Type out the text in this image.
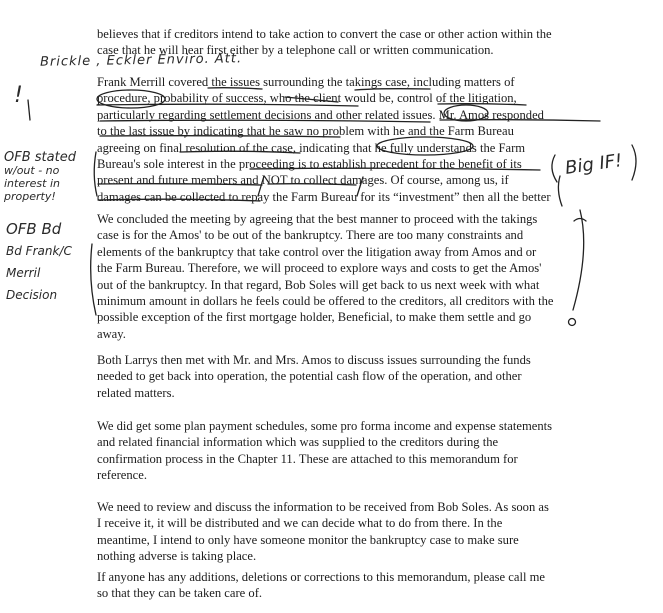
believes that if creditors intend to take action to convert the case or other action within the
case that he will hear first either by a telephone call or written communication.
Frank Merrill covered the issues surrounding the takings case, including matters of
procedure, probability of success, who the client would be, control of the litigation,
particularly regarding settlement decisions and other related issues. Mr. Amos responded
to the last issue by indicating that he saw no problem with he and the Farm Bureau
agreeing on final resolution of the case, indicating that he fully understands the Farm
Bureau's sole interest in the proceeding is to establish precedent for the benefit of its
present and future members and NOT to collect damages. Of course, among us, if
damages can be collected to repay the Farm Bureau for its “investment” then all the better
We concluded the meeting by agreeing that the best manner to proceed with the takings
case is for the Amos' to be out of the bankruptcy. There are too many constraints and
elements of the bankruptcy that take control over the litigation away from Amos and or
the Farm Bureau. Therefore, we will proceed to explore ways and costs to get the Amos'
out of the bankruptcy. In that regard, Bob Soles will get back to us next week with what
minimum amount in dollars he feels could be offered to the creditors, all creditors with the
possible exception of the first mortgage holder, Beneficial, to make them settle and go
away.
Both Larrys then met with Mr. and Mrs. Amos to discuss issues surrounding the funds
needed to get back into operation, the potential cash flow of the operation, and other
related matters.
We did get some plan payment schedules, some pro forma income and expense statements
and related financial information which was supplied to the creditors during the
confirmation process in the Chapter 11. These are attached to this memorandum for
reference.
We need to review and discuss the information to be received from Bob Soles. As soon as
I receive it, it will be distributed and we can decide what to do from there. In the
meantime, I intend to only have someone monitor the bankruptcy case to make sure
nothing adverse is taking place.
If anyone has any additions, deletions or corrections to this memorandum, please call me
so that they can be taken care of.
Brickle , Eckler Enviro. Att.
OFB stated
w/out - no
interest in
property!
OFB Bd
Bd Frank/C
Merril
Decision
Big IF!
!
